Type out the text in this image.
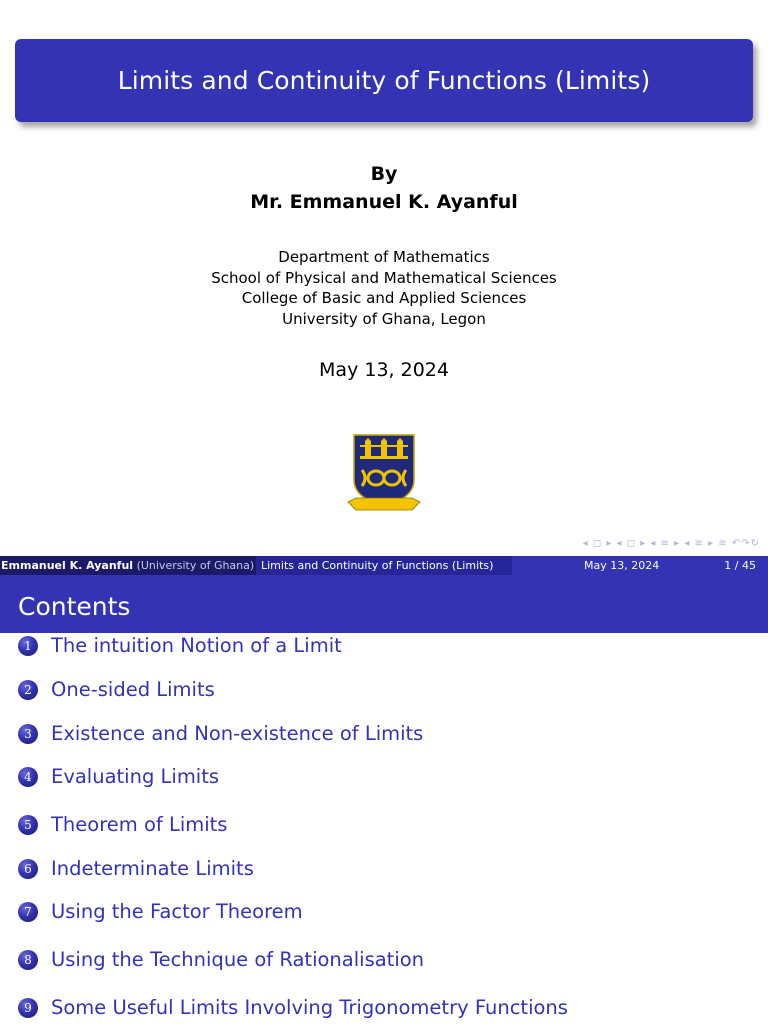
Limits and Continuity of Functions (Limits)
By
Mr. Emmanuel K. Ayanful
Department of Mathematics
School of Physical and Mathematical Sciences
College of Basic and Applied Sciences
University of Ghana, Legon
May 13, 2024
◂ ◻ ▸ ◂ ◻ ▸ ◂ ≡ ▸ ◂ ≡ ▸ ≡ ↶↷↻
Emmanuel K. Ayanful (University of Ghana) Limits and Continuity of Functions (Limits)	May 13, 2024	1 / 45
Contents
1 The intuition Notion of a Limit
2 One-sided Limits
3 Existence and Non-existence of Limits
4 Evaluating Limits
5 Theorem of Limits
6 Indeterminate Limits
7 Using the Factor Theorem
8 Using the Technique of Rationalisation
9 Some Useful Limits Involving Trigonometry Functions
